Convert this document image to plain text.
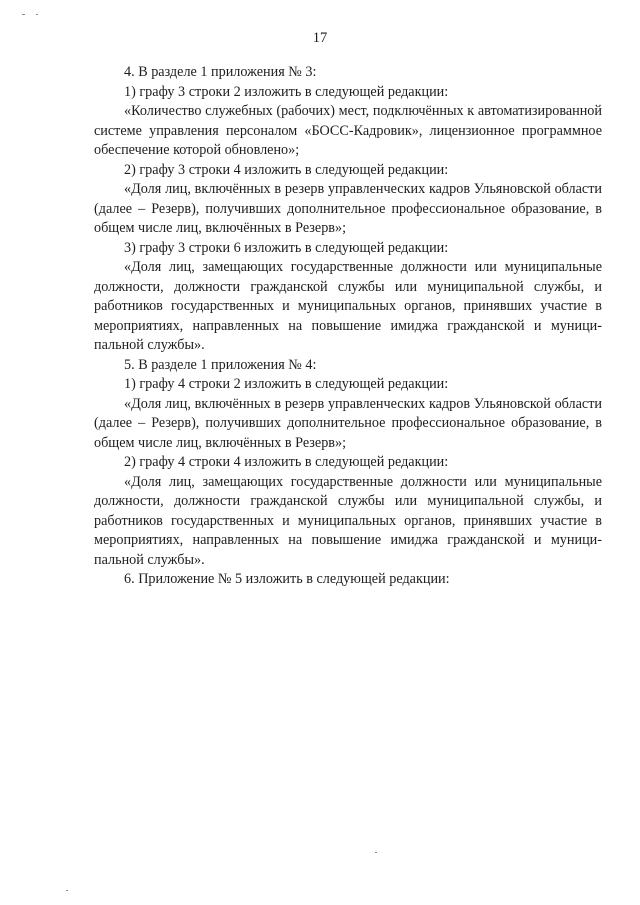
17

4. В разделе 1 приложения № 3:

1) графу 3 строки 2 изложить в следующей редакции:

«Количество служебных (рабочих) мест, подключённых к автоматизированной системе управления персоналом «БОСС-Кадровик», лицензионное программное обеспечение которой обновлено»;

2) графу 3 строки 4 изложить в следующей редакции:

«Доля лиц, включённых в резерв управленческих кадров Ульяновской области (далее – Резерв), получивших дополнительное профессиональное образование, в общем числе лиц, включённых в Резерв»;

3) графу 3 строки 6 изложить в следующей редакции:

«Доля лиц, замещающих государственные должности или муниципальные должности, должности гражданской службы или муниципальной службы, и работников государственных и муниципальных органов, принявших участие в мероприятиях, направленных на повышение имиджа гражданской и муниципальной службы».

5. В разделе 1 приложения № 4:

1) графу 4 строки 2 изложить в следующей редакции:

«Доля лиц, включённых в резерв управленческих кадров Ульяновской области (далее – Резерв), получивших дополнительное профессиональное образование, в общем числе лиц, включённых в Резерв»;

2) графу 4 строки 4 изложить в следующей редакции:

«Доля лиц, замещающих государственные должности или муниципальные должности, должности гражданской службы или муниципальной службы, и работников государственных и муниципальных органов, принявших участие в мероприятиях, направленных на повышение имиджа гражданской и муниципальной службы».

6. Приложение № 5 изложить в следующей редакции:
